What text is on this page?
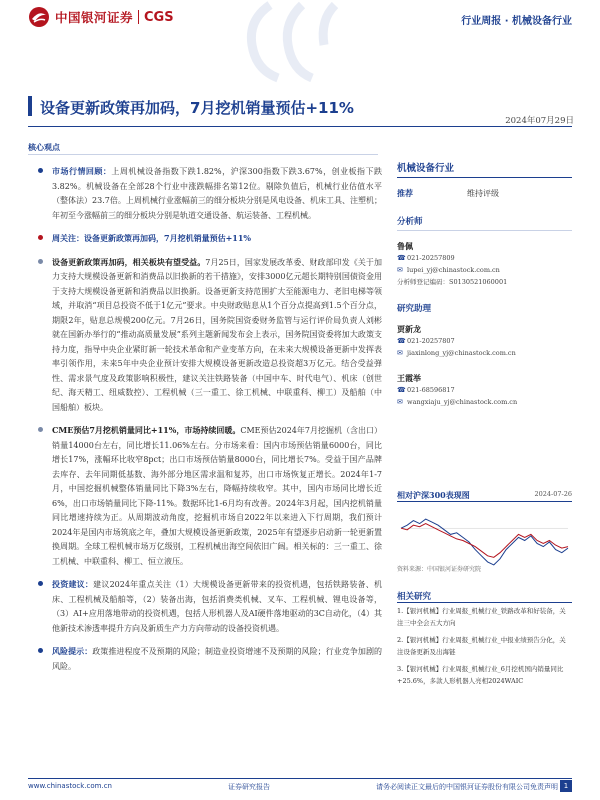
中国银河证券 CGS	行业周报 · 机械设备行业
设备更新政策再加码，7月挖机销量预估+11%
2024年07月29日
核心观点
市场行情回顾：上周机械设备指数下跌1.82%，沪深300指数下跌3.67%，创业板指下跌3.82%。机械设备在全部28个行业中涨跌幅排名第12位。剔除负值后，机械行业估值水平（整体法）23.7倍。上周机械行业涨幅前三的细分板块分别是风电设备、机床工具、注塑机；年初至今涨幅前三的细分板块分别是轨道交通设备、航运装备、工程机械。
周关注：设备更新政策再加码，7月挖机销量预估+11%
设备更新政策再加码，相关板块有望受益。7月25日，国家发展改革委、财政部印发《关于加力支持大规模设备更新和消费品以旧换新的若干措施》，安排3000亿元超长期特别国债资金用于支持大规模设备更新和消费品以旧换新。设备更新支持范围扩大至能源电力、老旧电梯等领域，并取消“项目总投资不低于1亿元”要求。中央财政贴息从1个百分点提高到1.5个百分点，期限2年，贴息总规模200亿元。7月26日，国务院国资委财务监管与运行评价局负责人刘彬就在国新办举行的“推动高质量发展”系列主题新闻发布会上表示，国务院国资委将加大政策支持力度，指导中央企业紧盯新一轮技术革命和产业变革方向，在未来大规模设备更新中发挥表率引领作用，未来5年中央企业预计安排大规模设备更新改造总投资超3万亿元。结合受益弹性、需求景气度及政策影响积极性，建议关注铁路装备（中国中车、时代电气）、机床（创世纪、海天精工、纽威数控）、工程机械（三一重工、徐工机械、中联重科、柳工）及船舶（中国船舶）板块。
CME预估7月挖机销量同比+11%，市场持续回暖。CME预估2024年7月挖掘机（含出口）销量14000台左右，同比增长11.06%左右。分市场来看：国内市场预估销量6000台，同比增长17%，涨幅环比收窄8pct；出口市场预估销量8000台，同比增长7%。受益于国产品牌去库存、去年同期低基数、海外部分地区需求温和复苏，出口市场恢复正增长。2024年1-7月，中国挖掘机械整体销量同比下降3%左右，降幅持续收窄。其中，国内市场同比增长近6%，出口市场销量同比下降-11%。数据环比1-6月均有改善。2024年3月起，国内挖机销量同比增速持续为正。从周期波动角度，挖掘机市场自2022年以来进入下行周期，我们预计2024年是国内市场筑底之年，叠加大规模设备更新政策，2025年有望逐步启动新一轮更新置换周期。全球工程机械市场万亿级别，工程机械出海空间依旧广阔。相关标的：三一重工、徐工机械、中联重科、柳工、恒立液压。
投资建议：建议2024年重点关注（1）大规模设备更新带来的投资机遇，包括铁路装备、机床、工程机械及船舶等，（2）装备出海，包括消费类机械、叉车、工程机械、锂电设备等，（3）AI+应用落地带动的投资机遇，包括人形机器人及AI硬件落地驱动的3C自动化，（4）其他新技术渗透率提升方向及新质生产力方向带动的设备投资机遇。
风险提示：政策推进程度不及预期的风险；制造业投资增速不及预期的风险；行业竞争加剧的风险。
机械设备行业
推荐	维持评级
分析师
鲁佩
☎ 021-20257809
✉ lupei_yj@chinastock.com.cn
分析师登记编码：S0130521060001
研究助理
贾新龙
☎ 021-20257807
✉ jiaxinlong_yj@chinastock.com.cn
王霞举
☎ 021-68596817
✉ wangxiaju_yj@chinastock.com.cn
相对沪深300表现图	2024-07-26
资料来源：中国银河证券研究院
相关研究
1.【银河机械】行业周报_机械行业_铁路改革和好装备，关注三中全会五大方向
2.【银河机械】行业周报_机械行业_中报业绩预告分化，关注设备更新及出海链
3.【银河机械】行业周报_机械行业_6月挖机国内销量同比+25.6%，多款人形机器人亮相2024WAIC
www.chinastock.com.cn	证券研究报告	请务必阅读正文最后的中国银河证券股份有限公司免责声明 1
